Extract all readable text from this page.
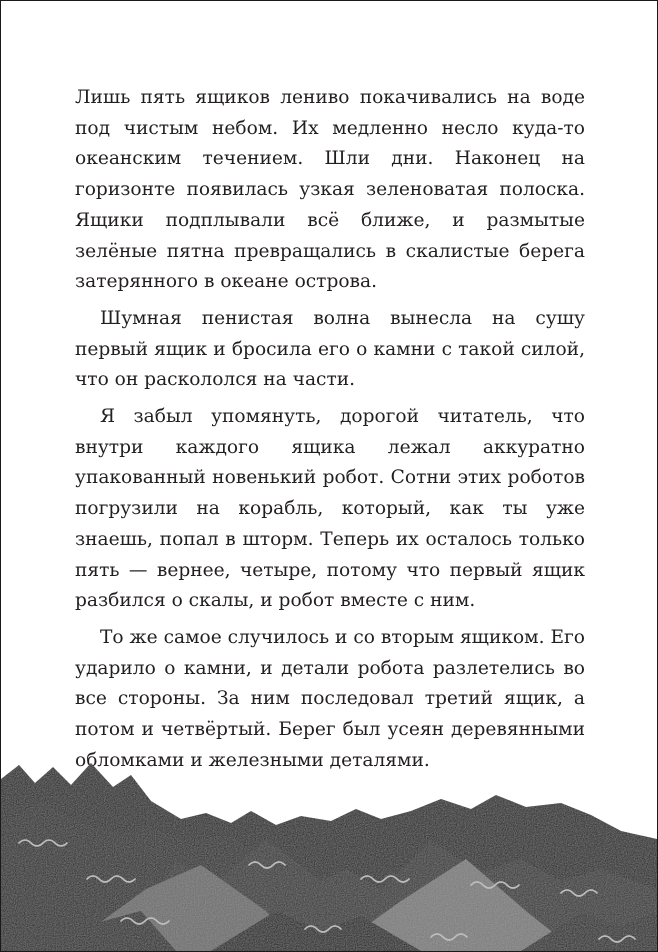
Лишь пять ящиков лениво покачивались на воде под чистым небом. Их медленно несло куда-то океанским течением. Шли дни. Наконец на горизонте появилась узкая зеленоватая полоска. Ящики подплывали всё ближе, и размытые зелёные пятна превращались в скалистые берега затерянного в океане острова.

Шумная пенистая волна вынесла на сушу первый ящик и бросила его о камни с такой силой, что он раскололся на части.

Я забыл упомянуть, дорогой читатель, что внутри каждого ящика лежал аккуратно упакованный новенький робот. Сотни этих роботов погрузили на корабль, который, как ты уже знаешь, попал в шторм. Теперь их осталось только пять — вернее, четыре, потому что первый ящик разбился о скалы, и робот вместе с ним.

То же самое случилось и со вторым ящиком. Его ударило о камни, и детали робота разлетелись во все стороны. За ним последовал третий ящик, а потом и четвёртый. Берег был усеян деревянными обломками и железными деталями.
